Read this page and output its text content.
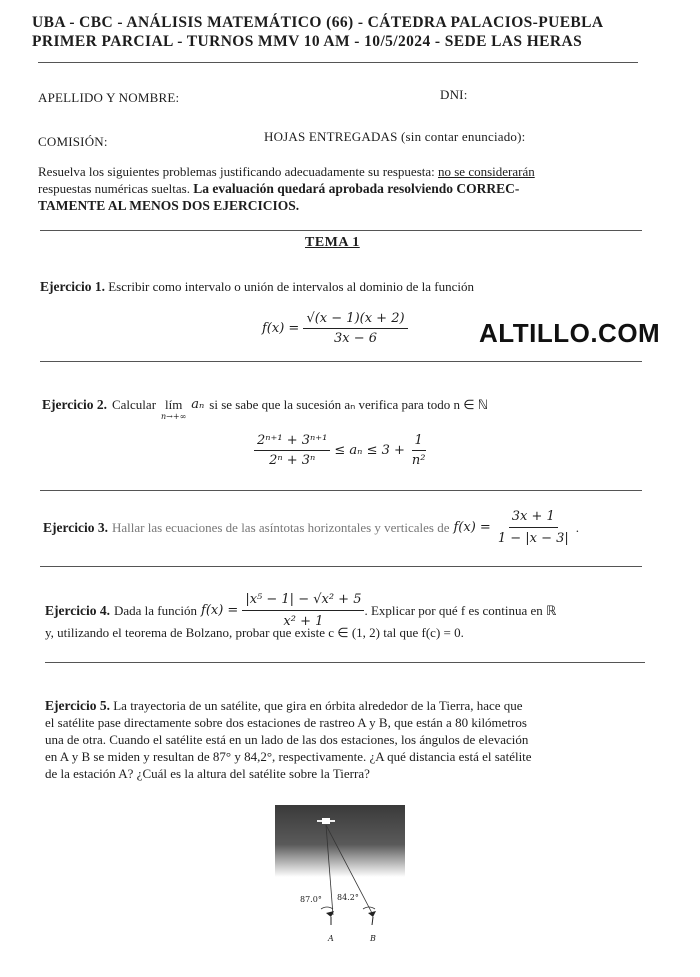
UBA - CBC - ANÁLISIS MATEMÁTICO (66) - CÁTEDRA PALACIOS-PUEBLA
PRIMER PARCIAL - TURNOS MMV 10 AM - 10/5/2024 - SEDE LAS HERAS
APELLIDO Y NOMBRE:	DNI:
COMISIÓN:	HOJAS ENTREGADAS (sin contar enunciado):
Resuelva los siguientes problemas justificando adecuadamente su respuesta: no se considerarán
respuestas numéricas sueltas. La evaluación quedará aprobada resolviendo CORREC-
TAMENTE AL MENOS DOS EJERCICIOS.
TEMA 1
Ejercicio 1. Escribir como intervalo o unión de intervalos al dominio de la función
$f(x) = \frac{√(x - 1)(x + 2)}{3x - 6}$	ALTILLO.COM
Ejercicio 2. Calcular lím
n→+∞
aₙ si se sabe que la sucesión aₙ verifica para todo n ∈ ℕ
$\frac{\text{2ⁿ⁺¹ + 3ⁿ⁺¹}}{\text{2ⁿ + 3ⁿ}} \le a_n \le 3 + \frac{1}{\text{n²}}$
Ejercicio 3. Hallar las ecuaciones de las asíntotas horizontales y verticales de $f(x) = \frac{3x + 1}{1 - |x - 3|}$ .
Ejercicio 4. Dada la función $f(x) = \frac{\text{|x⁵ − 1| − √x² + 5}}{\text{x² + 1}}$ . Explicar por qué f es continua en ℝ
y, utilizando el teorema de Bolzano, probar que existe c ∈ (1, 2) tal que f(c) = 0.
Ejercicio 5. La trayectoria de un satélite, que gira en órbita alrededor de la Tierra, hace que
el satélite pase directamente sobre dos estaciones de rastreo A y B, que están a 80 kilómetros
una de otra. Cuando el satélite está en un lado de las dos estaciones, los ángulos de elevación
en A y B se miden y resultan de 87° y 84,2°, respectivamente. ¿A qué distancia está el satélite
de la estación A? ¿Cuál es la altura del satélite sobre la Tierra?
87.0° 84.2°
A	B
